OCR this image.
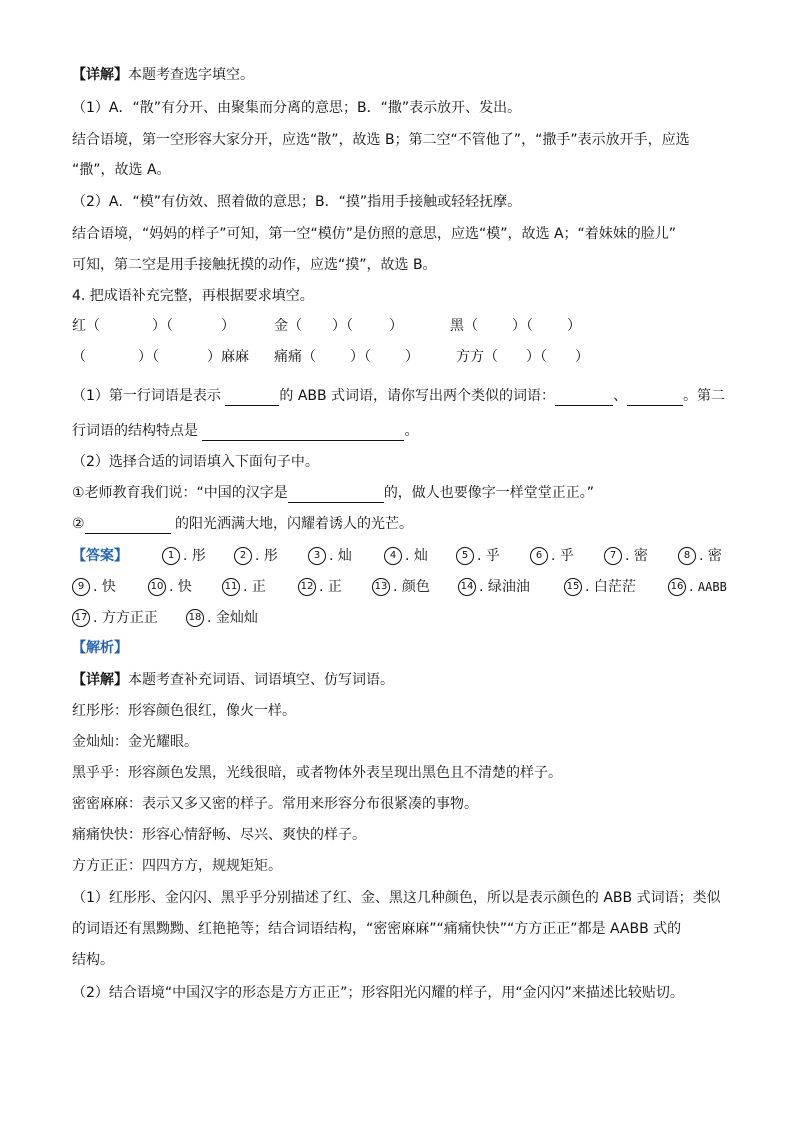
【详解】本题考查选字填空。
（1）A．“散”有分开、由聚集而分离的意思；B．“撒”表示放开、发出。
结合语境，第一空形容大家分开，应选“散”，故选 B；第二空“不管他了”，“撒手”表示放开手，应选
“撒”，故选 A。
（2）A．“模”有仿效、照着做的意思；B．“摸”指用手接触或轻轻抚摩。
结合语境，“妈妈的样子”可知，第一空“模仿”是仿照的意思，应选“模”，故选 A；“着妹妹的脸儿”
可知，第二空是用手接触抚摸的动作，应选“摸”，故选 B。
4. 把成语补充完整，再根据要求填空。
红（	）（	）	金（ ）（	）	黑（ ）（ ）
（	）（	）麻麻 痛痛（ ）（ ）	方方（ ）（ ）
（1）第一行词语是表示	的 ABB 式词语，请你写出两个类似的词语：	、	。第二
行词语的结构特点是	。
（2）选择合适的词语填入下面句子中。
①老师教育我们说：“中国的汉字是	的，做人也要像字一样堂堂正正。”
②	的阳光洒满大地，闪耀着诱人的光芒。
【答案】	1 . 彤	2 . 彤	3 . 灿	4 . 灿	5 . 乎	6 . 乎	7 . 密	8 . 密
9 . 快	10 . 快	11 . 正	12 . 正	13 . 颜色	14 . 绿油油	15 . 白茫茫	16 . AABB
17 . 方方正正	18 . 金灿灿
【解析】
【详解】本题考查补充词语、词语填空、仿写词语。
红彤彤：形容颜色很红，像火一样。
金灿灿：金光耀眼。
黑乎乎：形容颜色发黑，光线很暗，或者物体外表呈现出黑色且不清楚的样子。
密密麻麻：表示又多又密的样子。常用来形容分布很紧凑的事物。
痛痛快快：形容心情舒畅、尽兴、爽快的样子。
方方正正：四四方方，规规矩矩。
（1）红彤彤、金闪闪、黑乎乎分别描述了红、金、黑这几种颜色，所以是表示颜色的 ABB 式词语；类似
的词语还有黑黝黝、红艳艳等；结合词语结构，“密密麻麻”“痛痛快快”“方方正正”都是 AABB 式的
结构。
（2）结合语境“中国汉字的形态是方方正正”；形容阳光闪耀的样子，用“金闪闪”来描述比较贴切。
